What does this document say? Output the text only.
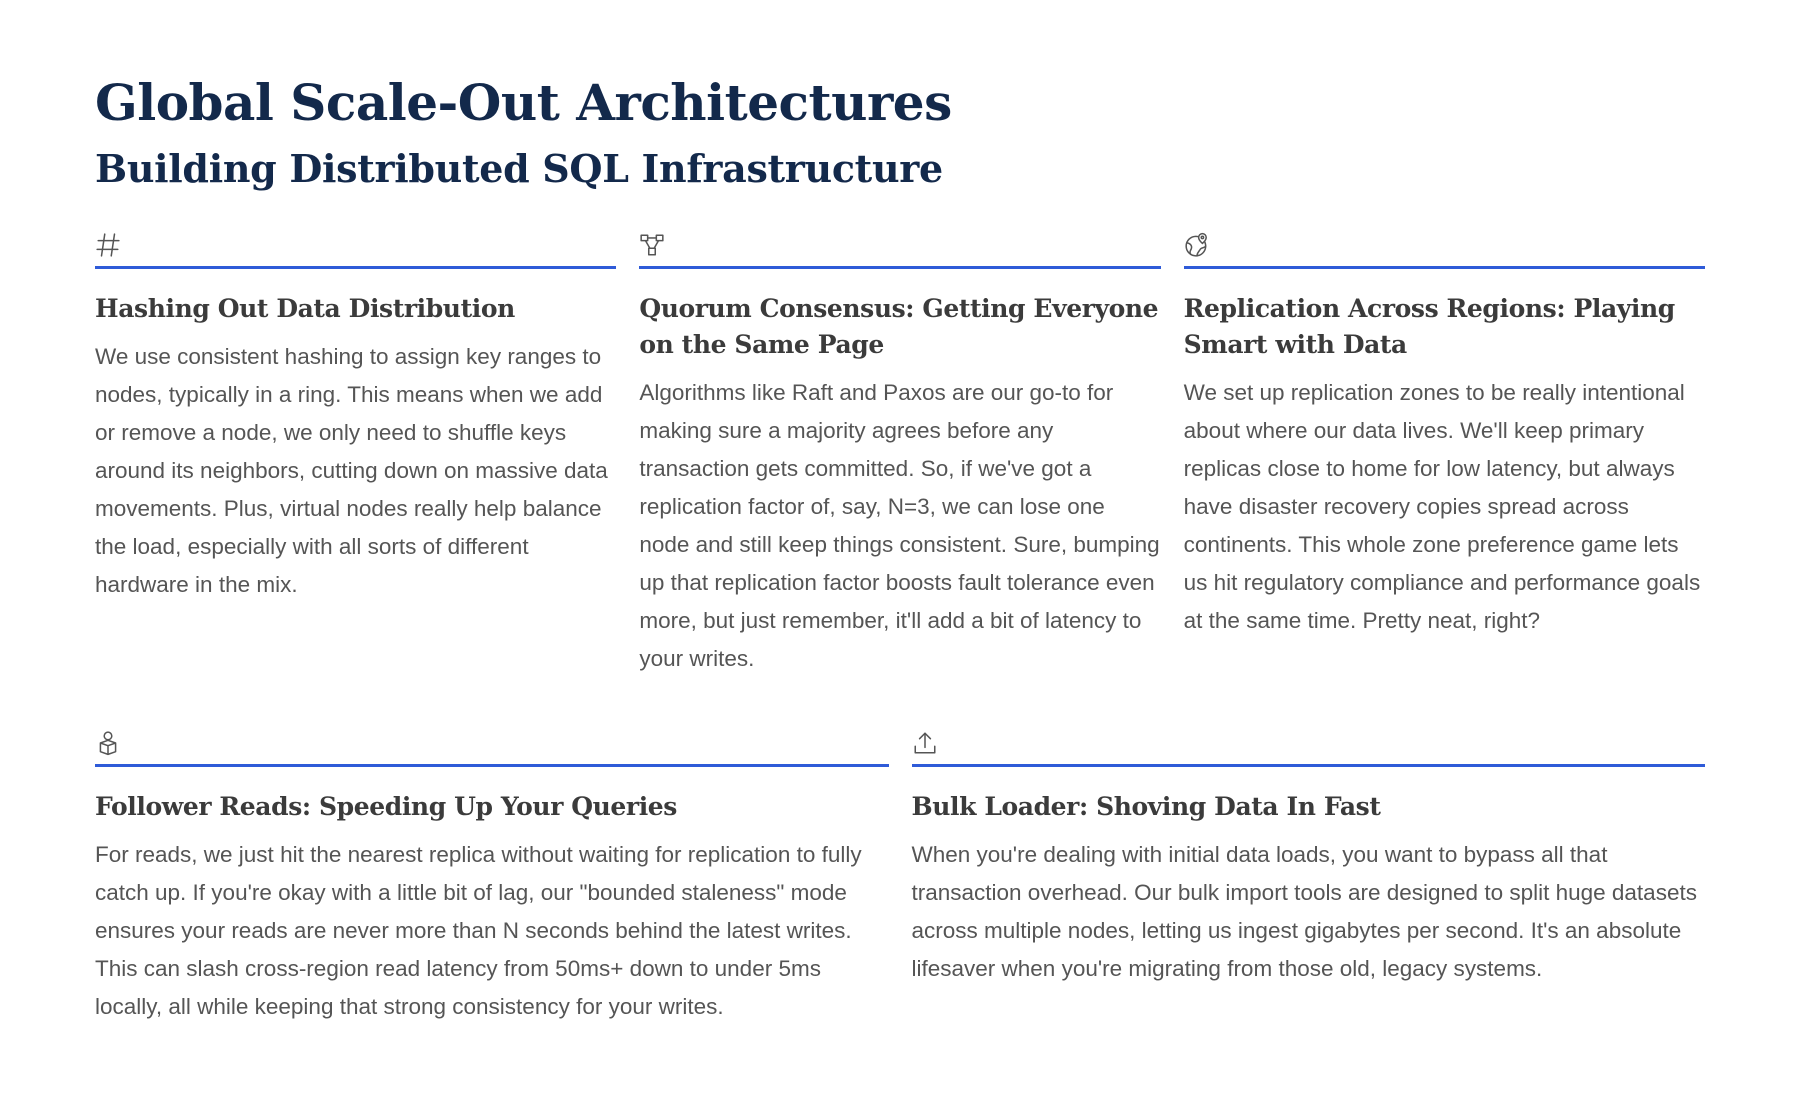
Global Scale-Out Architectures
Building Distributed SQL Infrastructure
Hashing Out Data Distribution

We use consistent hashing to assign key ranges to nodes, typically in a ring. This means when we add or remove a node, we only need to shuffle keys around its neighbors, cutting down on massive data movements. Plus, virtual nodes really help balance the load, especially with all sorts of different hardware in the mix.

Quorum Consensus: Getting Everyone on the Same Page

Algorithms like Raft and Paxos are our go-to for making sure a majority agrees before any transaction gets committed. So, if we've got a replication factor of, say, N=3, we can lose one node and still keep things consistent. Sure, bumping up that replication factor boosts fault tolerance even more, but just remember, it'll add a bit of latency to your writes.

Replication Across Regions: Playing Smart with Data

We set up replication zones to be really intentional about where our data lives. We'll keep primary replicas close to home for low latency, but always have disaster recovery copies spread across continents. This whole zone preference game lets us hit regulatory compliance and performance goals at the same time. Pretty neat, right?

Follower Reads: Speeding Up Your Queries

For reads, we just hit the nearest replica without waiting for replication to fully catch up. If you're okay with a little bit of lag, our "bounded staleness" mode ensures your reads are never more than N seconds behind the latest writes. This can slash cross-region read latency from 50ms+ down to under 5ms locally, all while keeping that strong consistency for your writes.

Bulk Loader: Shoving Data In Fast

When you're dealing with initial data loads, you want to bypass all that transaction overhead. Our bulk import tools are designed to split huge datasets across multiple nodes, letting us ingest gigabytes per second. It's an absolute lifesaver when you're migrating from those old, legacy systems.
